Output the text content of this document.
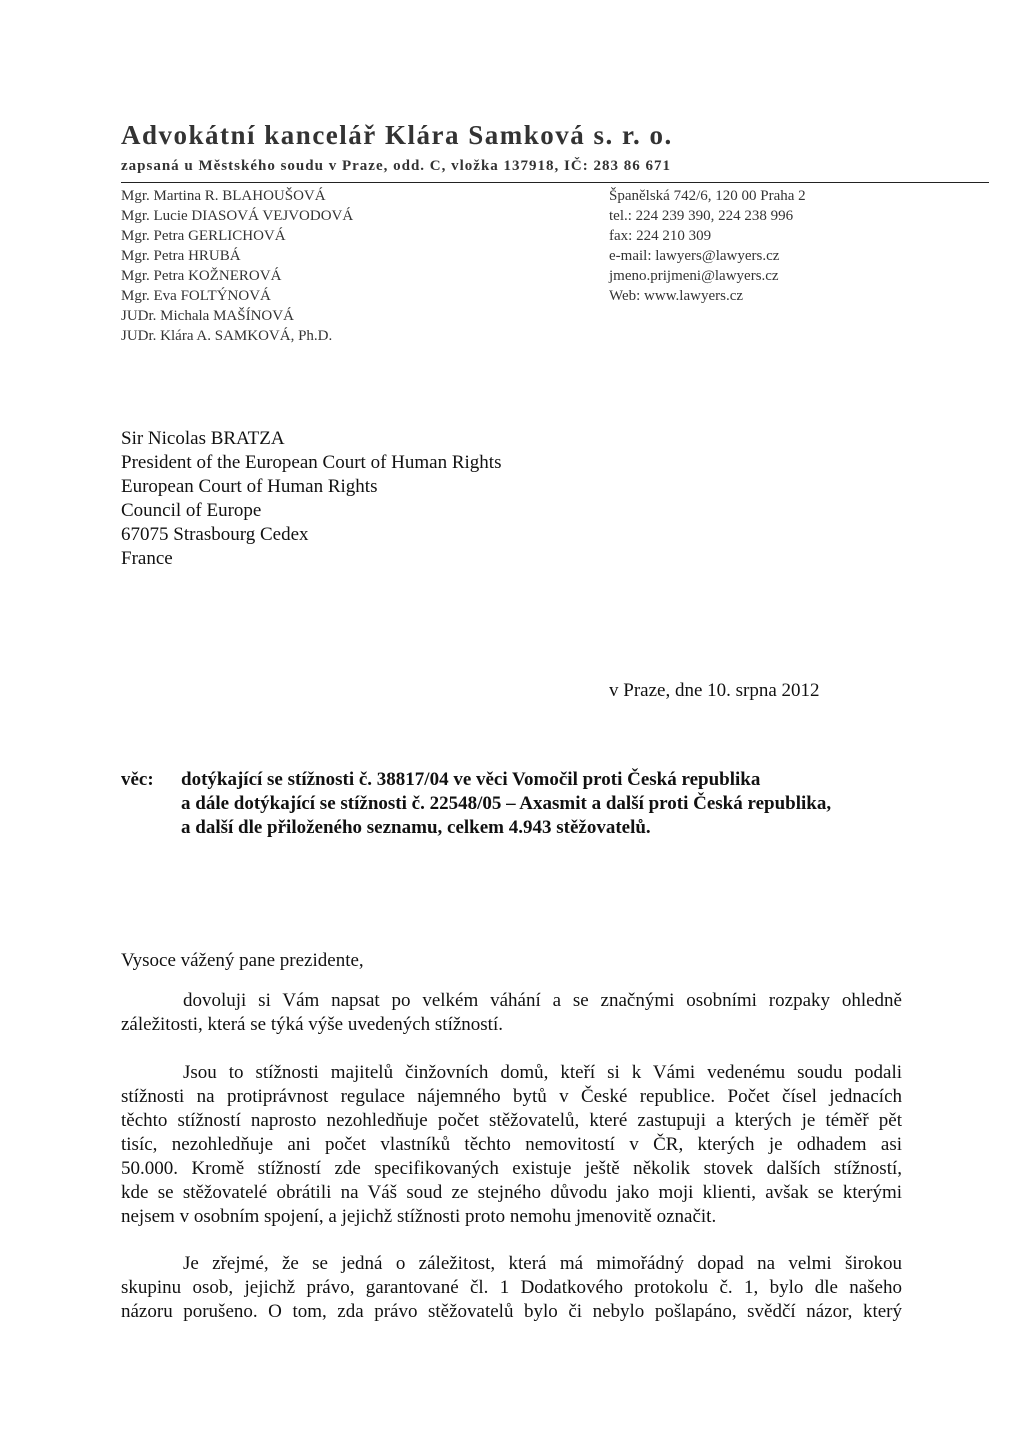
Advokátní kancelář Klára Samková s. r. o.
zapsaná u Městského soudu v Praze, odd. C, vložka 137918, IČ: 283 86 671
Mgr. Martina R. BLAHOUŠOVÁ
Mgr. Lucie DIASOVÁ VEJVODOVÁ
Mgr. Petra GERLICHOVÁ
Mgr. Petra HRUBÁ
Mgr. Petra KOŽNEROVÁ
Mgr. Eva FOLTÝNOVÁ
JUDr. Michala MAŠÍNOVÁ
JUDr. Klára A. SAMKOVÁ, Ph.D.
Španělská 742/6, 120 00 Praha 2
tel.: 224 239 390, 224 238 996
fax: 224 210 309
e-mail: lawyers@lawyers.cz
jmeno.prijmeni@lawyers.cz
Web: www.lawyers.cz
Sir Nicolas BRATZA
President of the European Court of Human Rights
European Court of Human Rights
Council of Europe
67075 Strasbourg Cedex
France
v Praze, dne 10. srpna 2012
věc: dotýkající se stížnosti č. 38817/04 ve věci Vomočil proti Česká republika
a dále dotýkající se stížnosti č. 22548/05 – Axasmit a další proti Česká republika,
a další dle přiloženého seznamu, celkem 4.943 stěžovatelů.
Vysoce vážený pane prezidente,
dovoluji si Vám napsat po velkém váhání a se značnými osobními rozpaky ohledně
záležitosti, která se týká výše uvedených stížností.
Jsou to stížnosti majitelů činžovních domů, kteří si k Vámi vedenému soudu podali
stížnosti na protiprávnost regulace nájemného bytů v České republice. Počet čísel jednacích
těchto stížností naprosto nezohledňuje počet stěžovatelů, které zastupuji a kterých je téměř pět
tisíc, nezohledňuje ani počet vlastníků těchto nemovitostí v ČR, kterých je odhadem asi
50.000. Kromě stížností zde specifikovaných existuje ještě několik stovek dalších stížností,
kde se stěžovatelé obrátili na Váš soud ze stejného důvodu jako moji klienti, avšak se kterými
nejsem v osobním spojení, a jejichž stížnosti proto nemohu jmenovitě označit.
Je zřejmé, že se jedná o záležitost, která má mimořádný dopad na velmi širokou
skupinu osob, jejichž právo, garantované čl. 1 Dodatkového protokolu č. 1, bylo dle našeho
názoru porušeno. O tom, zda právo stěžovatelů bylo či nebylo pošlapáno, svědčí názor, který
